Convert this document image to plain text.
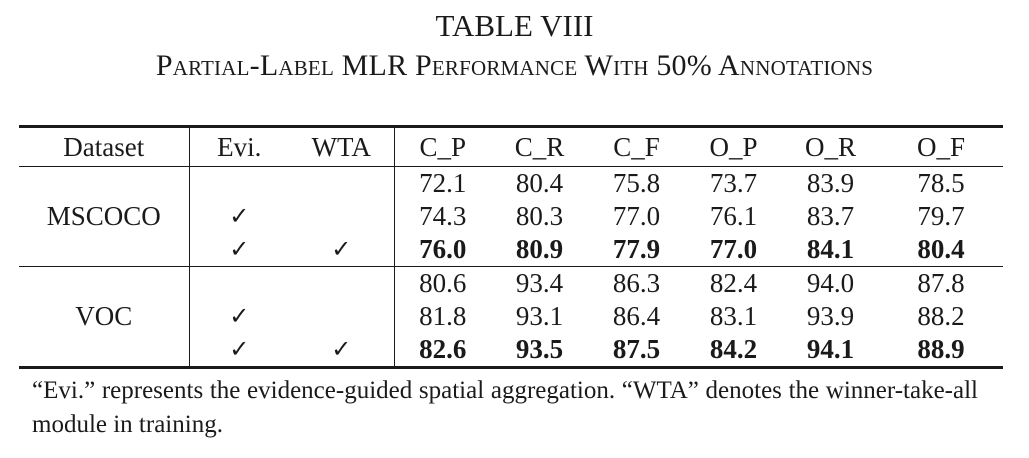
TABLE VIII
Partial-Label MLR Performance With 50% Annotations
Dataset	Evi.	WTA	C_P	C_R	C_F	O_P	O_R	O_F
MSCOCO			72.1	80.4	75.8	73.7	83.9	78.5
	✓		74.3	80.3	77.0	76.1	83.7	79.7
	✓	✓	76.0	80.9	77.9	77.0	84.1	80.4
VOC			80.6	93.4	86.3	82.4	94.0	87.8
	✓		81.8	93.1	86.4	83.1	93.9	88.2
	✓	✓	82.6	93.5	87.5	84.2	94.1	88.9
“Evi.” represents the evidence-guided spatial aggregation. “WTA” denotes the winner-take-all module in training.
